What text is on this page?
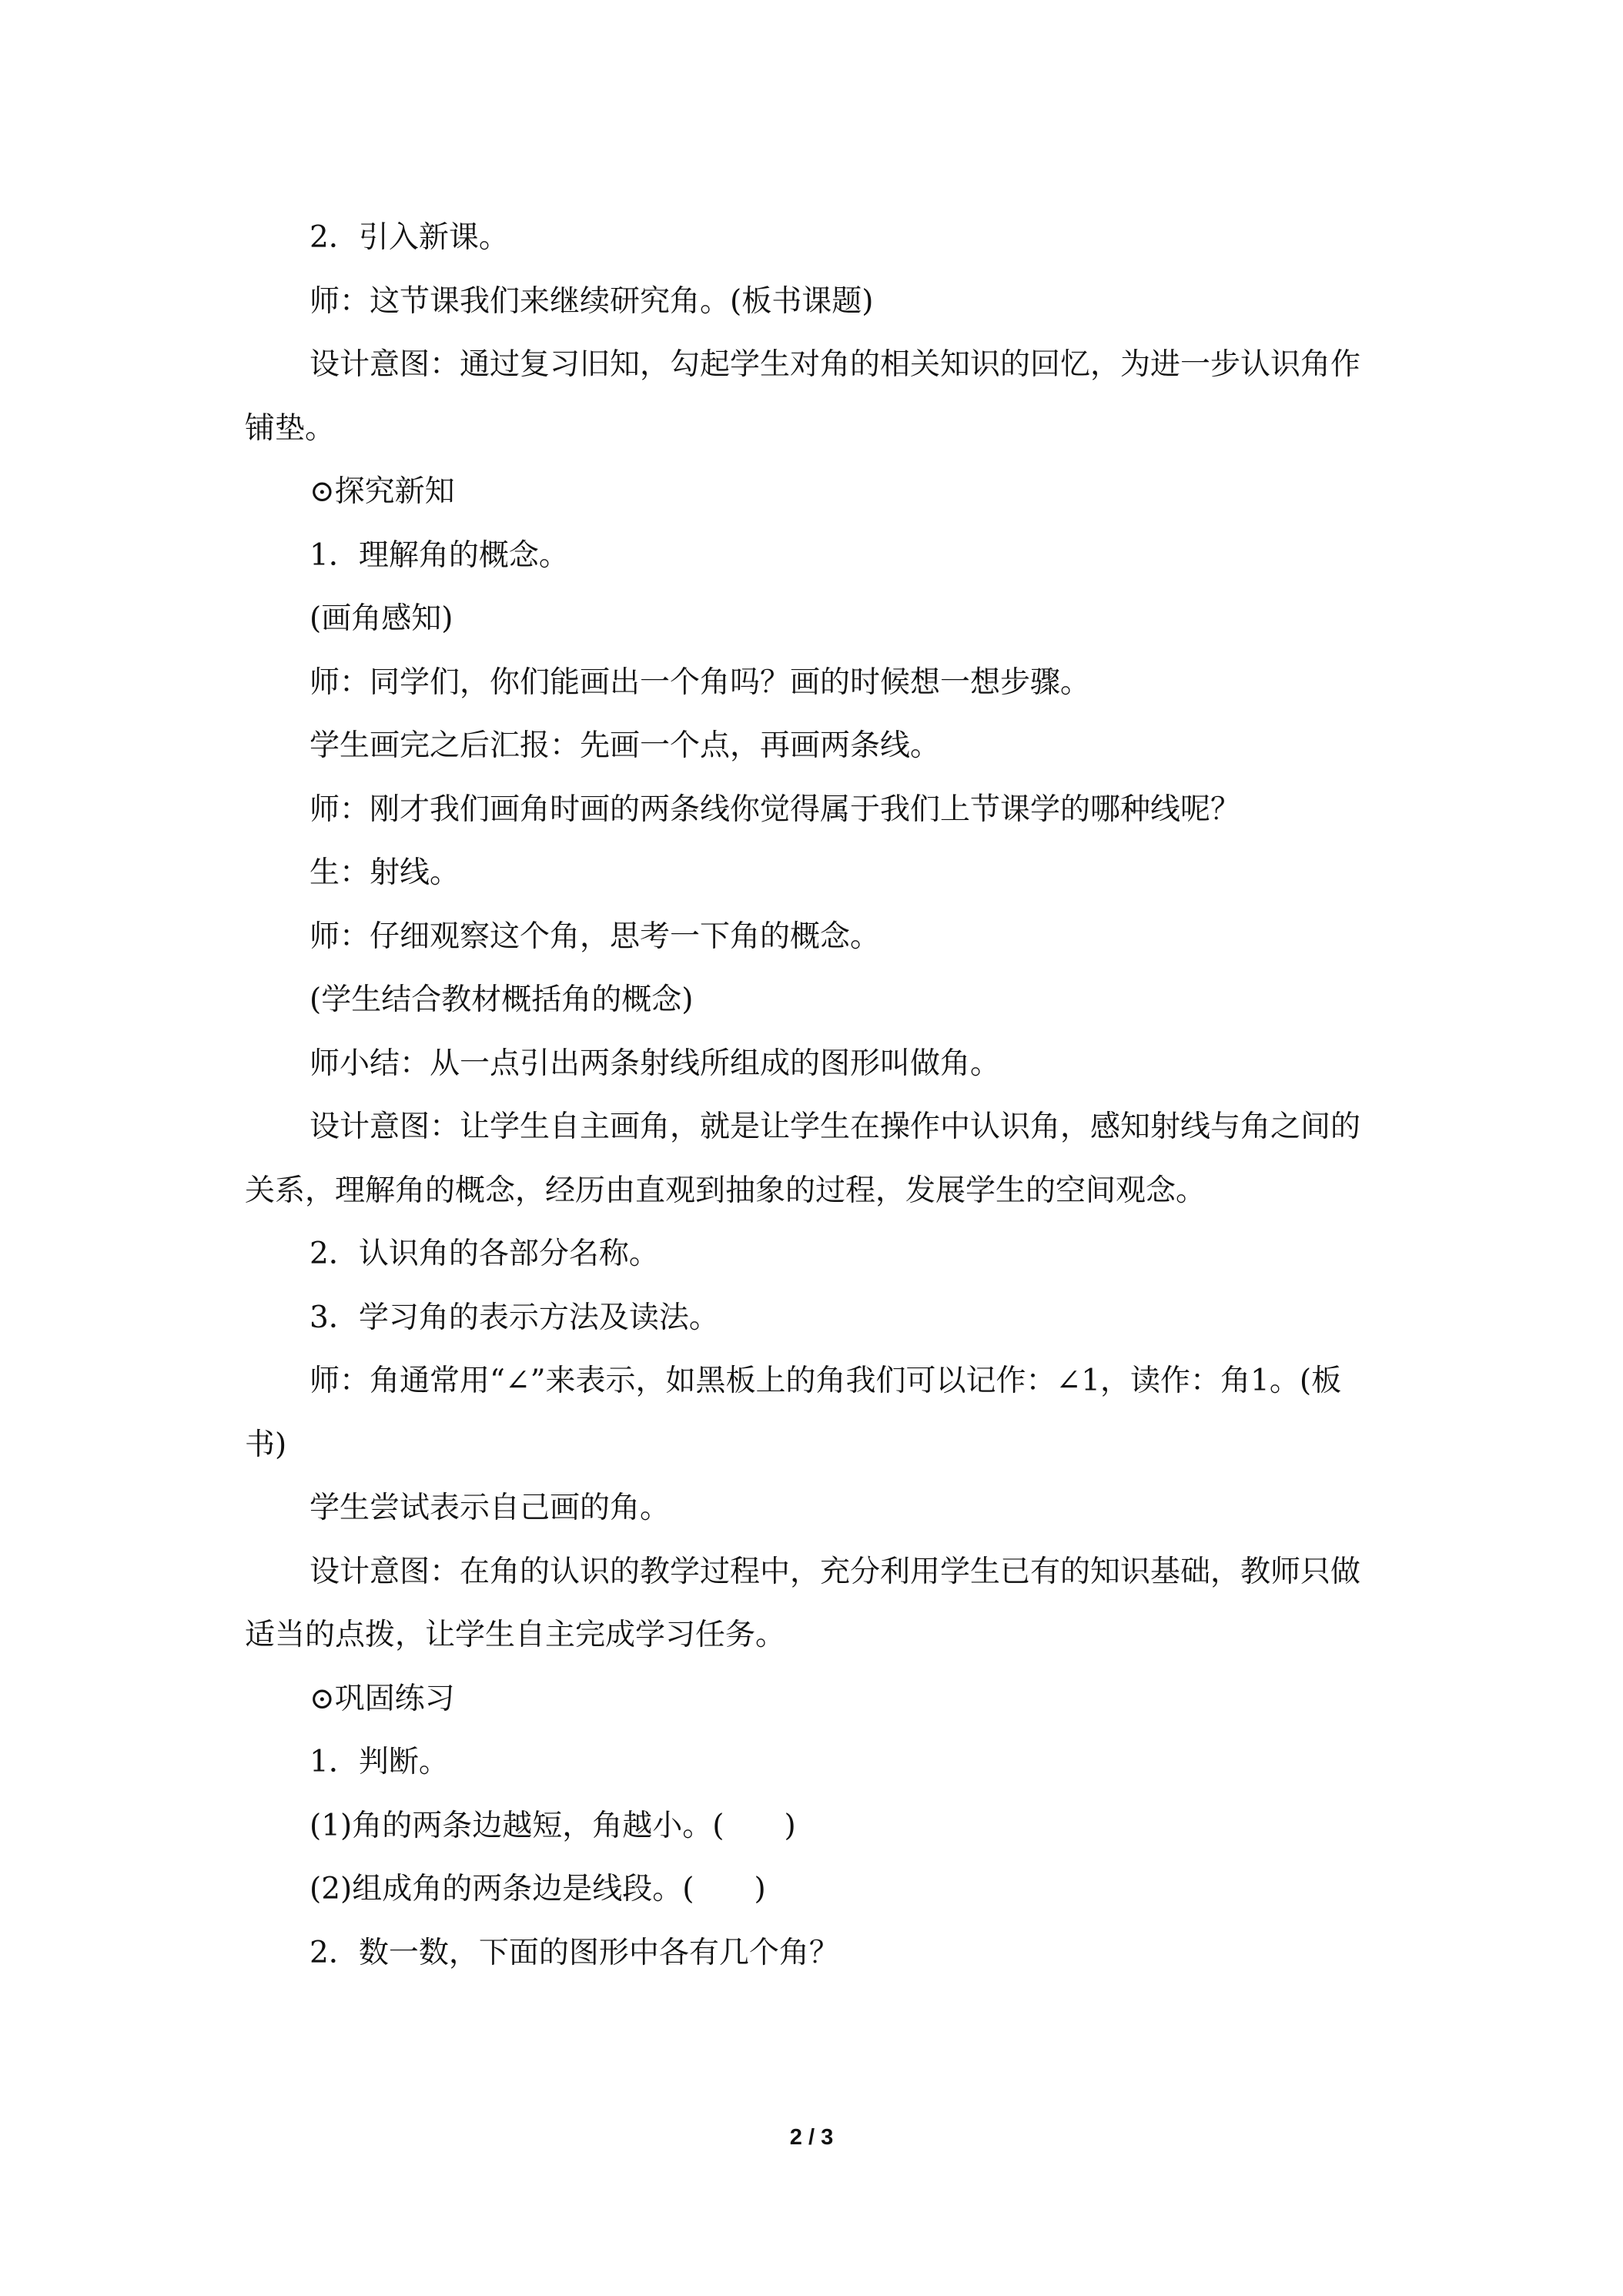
2．引入新课。

师：这节课我们来继续研究角。(板书课题)

设计意图：通过复习旧知，勾起学生对角的相关知识的回忆，为进一步认识角作铺垫。

⊙探究新知

1．理解角的概念。

(画角感知)

师：同学们，你们能画出一个角吗？画的时候想一想步骤。

学生画完之后汇报：先画一个点，再画两条线。

师：刚才我们画角时画的两条线你觉得属于我们上节课学的哪种线呢？

生：射线。

师：仔细观察这个角，思考一下角的概念。

(学生结合教材概括角的概念)

师小结：从一点引出两条射线所组成的图形叫做角。

设计意图：让学生自主画角，就是让学生在操作中认识角，感知射线与角之间的关系，理解角的概念，经历由直观到抽象的过程，发展学生的空间观念。

2．认识角的各部分名称。

3．学习角的表示方法及读法。

师：角通常用“∠”来表示，如黑板上的角我们可以记作：∠1，读作：角1。(板书)

学生尝试表示自己画的角。

设计意图：在角的认识的教学过程中，充分利用学生已有的知识基础，教师只做适当的点拨，让学生自主完成学习任务。

⊙巩固练习

1．判断。

(1)角的两条边越短，角越小。(　　)

(2)组成角的两条边是线段。(　　)

2．数一数，下面的图形中各有几个角？

2 / 3
